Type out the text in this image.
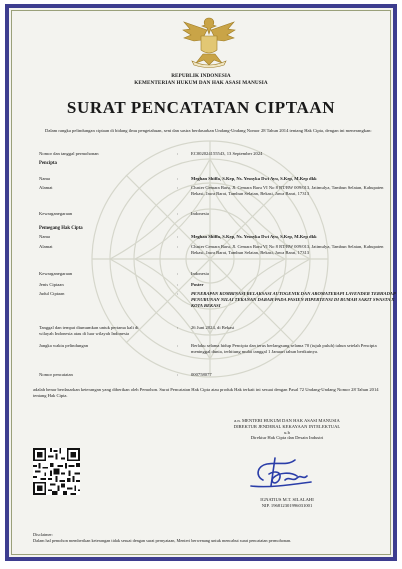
REPUBLIK INDONESIA
KEMENTERIAN HUKUM DAN HAK ASASI MANUSIA
SURAT PENCATATAN CIPTAAN
Dalam rangka pelindungan ciptaan di bidang ilmu pengetahuan, seni dan sastra berdasarkan Undang-Undang Nomor 28 Tahun 2014 tentang Hak Cipta, dengan ini menerangkan:
Nomor dan tanggal permohonan	:	EC002024155543, 13 September 2024
Pencipta
Nama	:	Meghan Shiffa, S.Kep, Ns. Yesnyka Dwi Ayu, S.Kep, M.Kep dkk
Alamat	:	Cluster Cemara Baru, Jl. Cemara Baru VI No 8 RT/RW 009/013, Jatimulya, Tambun Selatan, Kabupaten Bekasi, Jawa Barat, Tambun Selatan, Bekasi, Jawa Barat, 17313
Kewarganegaraan	:	Indonesia
Pemegang Hak Cipta
Nama	:	Meghan Shiffa, S.Kep, Ns. Yesnyka Dwi Ayu, S.Kep, M.Kep dkk
Alamat	:	Cluster Cemara Baru, Jl. Cemara Baru VI No 8 RT/RW 009/013, Jatimulya, Tambun Selatan, Kabupaten Bekasi, Jawa Barat, Tambun Selatan, Bekasi, Jawa Barat, 17313
Kewarganegaraan	:	Indonesia
Jenis Ciptaan	:	Poster
Judul Ciptaan	:	PENERAPAN KOMBINASI RELAKSASI AUTOGENIK DAN AROMATERAPI LAVENDER TERHADAP PENURUNAN NILAI TEKANAN DARAH PADA PASIEN HIPERTENSI DI RUMAH SAKIT SWASTA X KOTA BEKASI
Tanggal dan tempat diumumkan untuk pertama kali di wilayah Indonesia atau di luar wilayah Indonesia
:	26 Juni 2024, di Bekasi
Jangka waktu pelindungan	:	Berlaku selama hidup Pencipta dan terus berlangsung selama 70 (tujuh puluh) tahun setelah Pencipta meninggal dunia, terhitung mulai tanggal 1 Januari tahun berikutnya.
Nomor pencatatan	:	000758077
adalah benar berdasarkan keterangan yang diberikan oleh Pemohon. Surat Pencatatan Hak Cipta atau produk Hak terkait ini sesuai dengan Pasal 72 Undang-Undang Nomor 28 Tahun 2014 tentang Hak Cipta.
a.n. MENTERI HUKUM DAN HAK ASASI MANUSIA
DIREKTUR JENDERAL KEKAYAAN INTELEKTUAL
u.b
Direktur Hak Cipta dan Desain Industri
IGNATIUS M.T. SILALAHI
NIP. 196812301996031001
Disclaimer:
Dalam hal pemohon memberikan keterangan tidak sesuai dengan surat pernyataan, Menteri berwenang untuk mencabut surat pencatatan permohonan.
